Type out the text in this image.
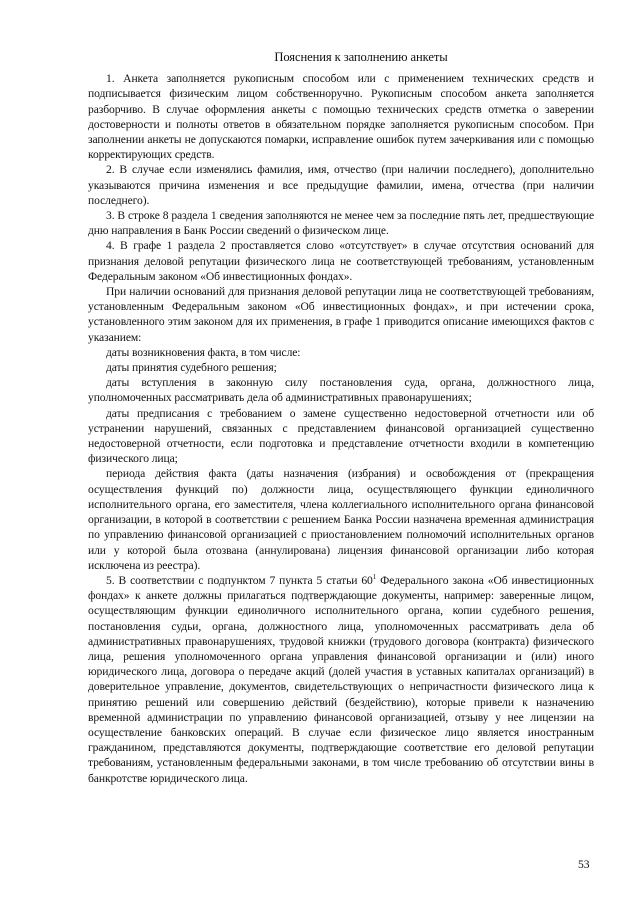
Пояснения к заполнению анкеты

1. Анкета заполняется рукописным способом или с применением технических средств и подписывается физическим лицом собственноручно. Рукописным способом анкета заполняется разборчиво. В случае оформления анкеты с помощью технических средств отметка о заверении достоверности и полноты ответов в обязательном порядке заполняется рукописным способом. При заполнении анкеты не допускаются помарки, исправление ошибок путем зачеркивания или с помощью корректирующих средств.

2. В случае если изменялись фамилия, имя, отчество (при наличии последнего), дополнительно указываются причина изменения и все предыдущие фамилии, имена, отчества (при наличии последнего).

3. В строке 8 раздела 1 сведения заполняются не менее чем за последние пять лет, предшествующие дню направления в Банк России сведений о физическом лице.

4. В графе 1 раздела 2 проставляется слово «отсутствует» в случае отсутствия оснований для признания деловой репутации физического лица не соответствующей требованиям, установленным Федеральным законом «Об инвестиционных фондах».

При наличии оснований для признания деловой репутации лица не соответствующей требованиям, установленным Федеральным законом «Об инвестиционных фондах», и при истечении срока, установленного этим законом для их применения, в графе 1 приводится описание имеющихся фактов с указанием:

даты возникновения факта, в том числе:

даты принятия судебного решения;

даты вступления в законную силу постановления суда, органа, должностного лица, уполномоченных рассматривать дела об административных правонарушениях;

даты предписания с требованием о замене существенно недостоверной отчетности или об устранении нарушений, связанных с представлением финансовой организацией существенно недостоверной отчетности, если подготовка и представление отчетности входили в компетенцию физического лица;

периода действия факта (даты назначения (избрания) и освобождения от (прекращения осуществления функций по) должности лица, осуществляющего функции единоличного исполнительного органа, его заместителя, члена коллегиального исполнительного органа финансовой организации, в которой в соответствии с решением Банка России назначена временная администрация по управлению финансовой организацией с приостановлением полномочий исполнительных органов или у которой была отозвана (аннулирована) лицензия финансовой организации либо которая исключена из реестра).

5. В соответствии с подпунктом 7 пункта 5 статьи $60^1$ Федерального закона «Об инвестиционных фондах» к анкете должны прилагаться подтверждающие документы, например: заверенные лицом, осуществляющим функции единоличного исполнительного органа, копии судебного решения, постановления судьи, органа, должностного лица, уполномоченных рассматривать дела об административных правонарушениях, трудовой книжки (трудового договора (контракта) физического лица, решения уполномоченного органа управления финансовой организации и (или) иного юридического лица, договора о передаче акций (долей участия в уставных капиталах организаций) в доверительное управление, документов, свидетельствующих о непричастности физического лица к принятию решений или совершению действий (бездействию), которые привели к назначению временной администрации по управлению финансовой организацией, отзыву у нее лицензии на осуществление банковских операций. В случае если физическое лицо является иностранным гражданином, представляются документы, подтверждающие соответствие его деловой репутации требованиям, установленным федеральными законами, в том числе требованию об отсутствии вины в банкротстве юридического лица.

53
